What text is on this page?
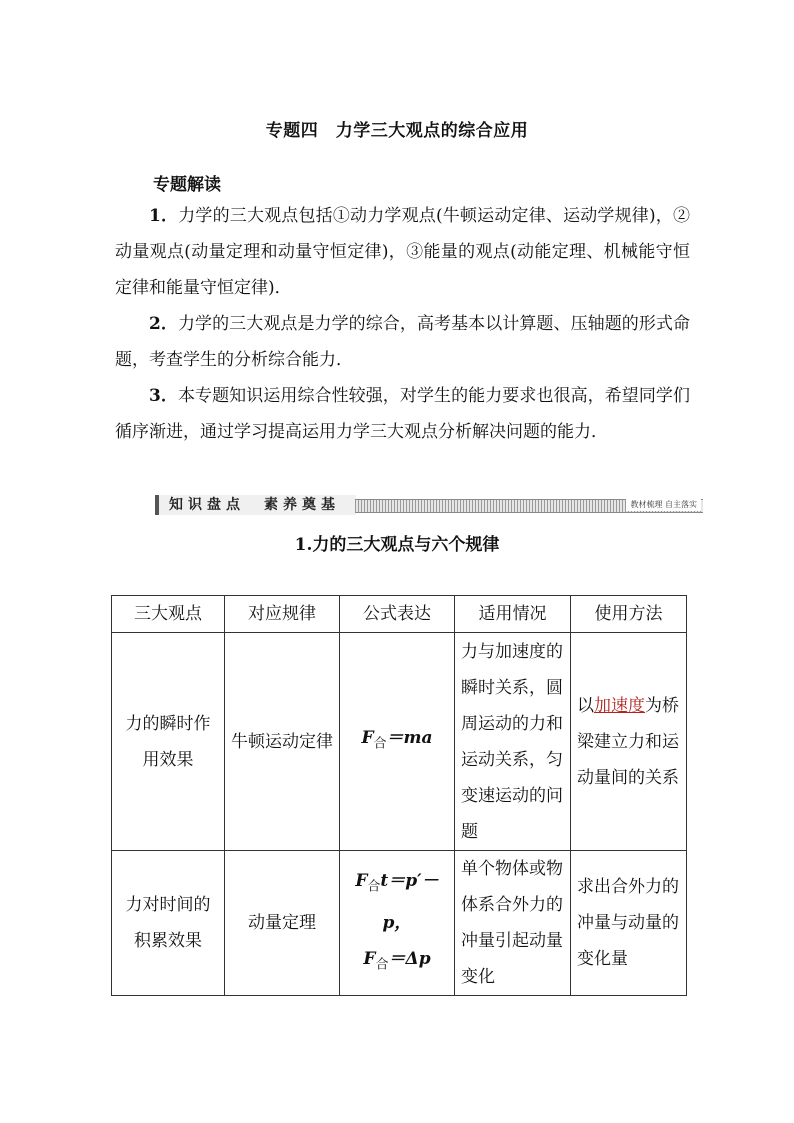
专题四　力学三大观点的综合应用
专题解读

1．力学的三大观点包括①动力学观点(牛顿运动定律、运动学规律)，②动量观点(动量定理和动量守恒定律)，③能量的观点(动能定理、机械能守恒定律和能量守恒定律)．

2．力学的三大观点是力学的综合，高考基本以计算题、压轴题的形式命题，考查学生的分析综合能力．

3．本专题知识运用综合性较强，对学生的能力要求也很高，希望同学们循序渐进，通过学习提高运用力学三大观点分析解决问题的能力．

知识盘点　素养奠基	教材梳理 自主落实
1.力的三大观点与六个规律
三大观点	对应规律	公式表达	适用情况	使用方法
力的瞬时作用效果	牛顿运动定律	$F_合=ma$	力与加速度的瞬时关系，圆周运动的力和运动关系，匀变速运动的问题	以加速度为桥梁建立力和运动量间的关系
力对时间的积累效果	动量定理	$F_合t=p'-p$，
$F_合=\Delta p$	单个物体或物体系合外力的冲量引起动量变化	求出合外力的冲量与动量的变化量
